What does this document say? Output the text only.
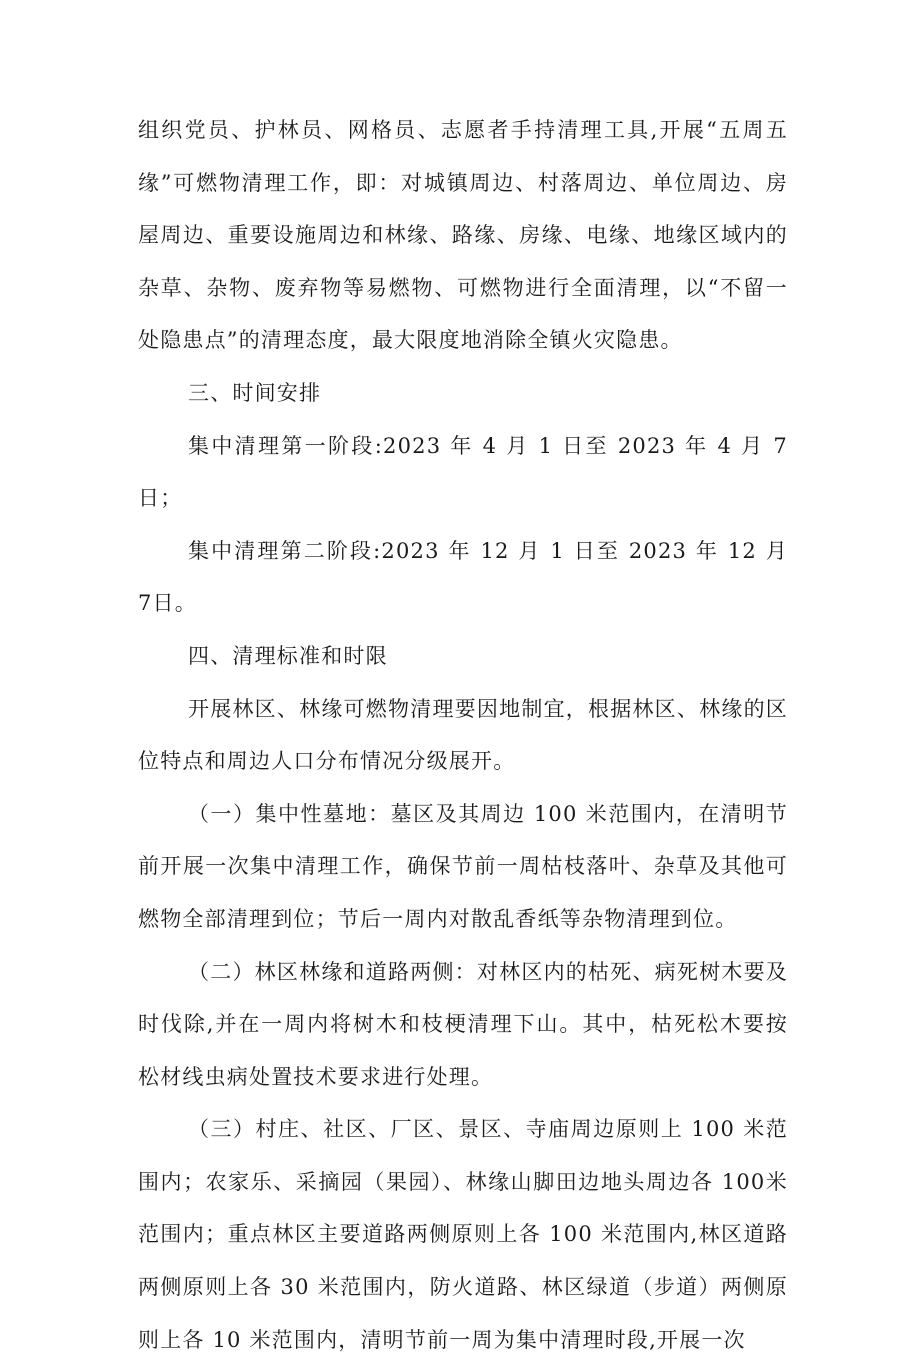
组织党员、护林员、网格员、志愿者手持清理工具,开展“五周五缘”可燃物清理工作，即：对城镇周边、村落周边、单位周边、房屋周边、重要设施周边和林缘、路缘、房缘、电缘、地缘区域内的杂草、杂物、废弃物等易燃物、可燃物进行全面清理，以“不留一处隐患点”的清理态度，最大限度地消除全镇火灾隐患。

三、时间安排

集中清理第一阶段:2023 年 4 月 1 日至 2023 年 4 月 7 日；

集中清理第二阶段:2023 年 12 月 1 日至 2023 年 12 月 7日。

四、清理标准和时限

开展林区、林缘可燃物清理要因地制宜，根据林区、林缘的区位特点和周边人口分布情况分级展开。

（一）集中性墓地：墓区及其周边 100 米范围内，在清明节前开展一次集中清理工作，确保节前一周枯枝落叶、杂草及其他可燃物全部清理到位；节后一周内对散乱香纸等杂物清理到位。

（二）林区林缘和道路两侧：对林区内的枯死、病死树木要及时伐除,并在一周内将树木和枝梗清理下山。其中，枯死松木要按松材线虫病处置技术要求进行处理。

（三）村庄、社区、厂区、景区、寺庙周边原则上 100 米范围内；农家乐、采摘园（果园）、林缘山脚田边地头周边各 100米范围内；重点林区主要道路两侧原则上各 100 米范围内,林区道路两侧原则上各 30 米范围内，防火道路、林区绿道（步道）两侧原则上各 10 米范围内，清明节前一周为集中清理时段,开展一次
